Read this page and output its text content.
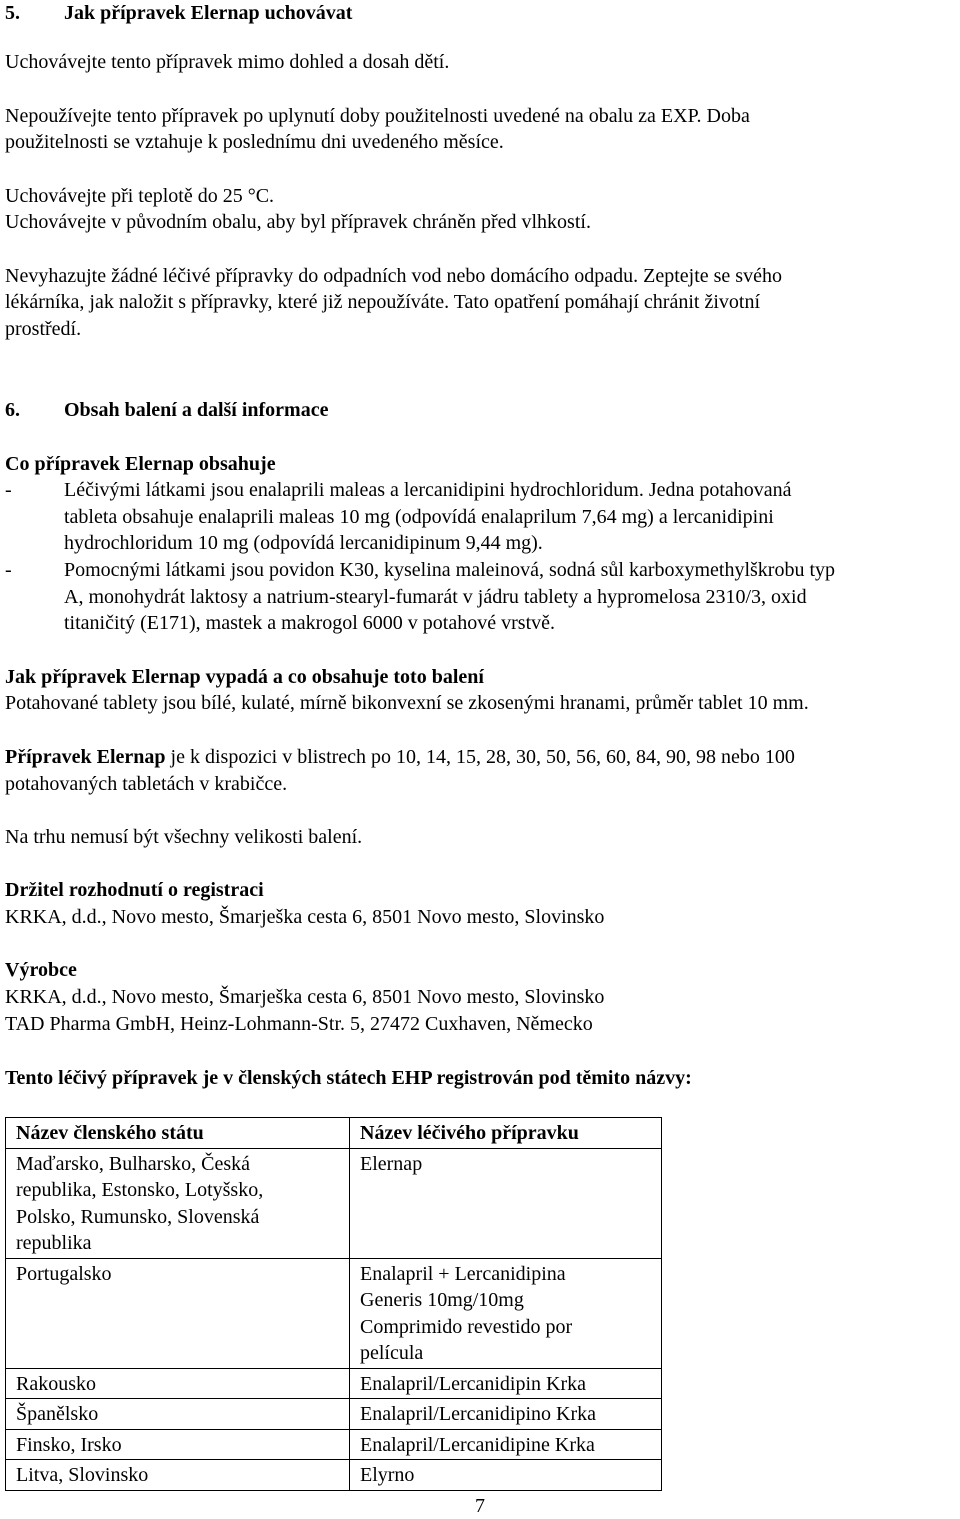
5. Jak přípravek Elernap uchovávat
Uchovávejte tento přípravek mimo dohled a dosah dětí.
Nepoužívejte tento přípravek po uplynutí doby použitelnosti uvedené na obalu za EXP. Doba
použitelnosti se vztahuje k poslednímu dni uvedeného měsíce.
Uchovávejte při teplotě do 25 °C.
Uchovávejte v původním obalu, aby byl přípravek chráněn před vlhkostí.
Nevyhazujte žádné léčivé přípravky do odpadních vod nebo domácího odpadu. Zeptejte se svého
lékárníka, jak naložit s přípravky, které již nepoužíváte. Tato opatření pomáhají chránit životní
prostředí.
6. Obsah balení a další informace
Co přípravek Elernap obsahuje
-	Léčivými látkami jsou enalaprili maleas a lercanidipini hydrochloridum. Jedna potahovaná
tableta obsahuje enalaprili maleas 10 mg (odpovídá enalaprilum 7,64 mg) a lercanidipini
hydrochloridum 10 mg (odpovídá lercanidipinum 9,44 mg).
-	Pomocnými látkami jsou povidon K30, kyselina maleinová, sodná sůl karboxymethylškrobu typ
A, monohydrát laktosy a natrium-stearyl-fumarát v jádru tablety a hypromelosa 2310/3, oxid
titaničitý (E171), mastek a makrogol 6000 v potahové vrstvě.
Jak přípravek Elernap vypadá a co obsahuje toto balení
Potahované tablety jsou bílé, kulaté, mírně bikonvexní se zkosenými hranami, průměr tablet 10 mm.
Přípravek Elernap je k dispozici v blistrech po 10, 14, 15, 28, 30, 50, 56, 60, 84, 90, 98 nebo 100
potahovaných tabletách v krabičce.
Na trhu nemusí být všechny velikosti balení.
Držitel rozhodnutí o registraci
KRKA, d.d., Novo mesto, Šmarješka cesta 6, 8501 Novo mesto, Slovinsko
Výrobce
KRKA, d.d., Novo mesto, Šmarješka cesta 6, 8501 Novo mesto, Slovinsko
TAD Pharma GmbH, Heinz-Lohmann-Str. 5, 27472 Cuxhaven, Německo
Tento léčivý přípravek je v členských státech EHP registrován pod těmito názvy:
Název členského státu	Název léčivého přípravku

Maďarsko, Bulharsko, Česká
republika, Estonsko, Lotyšsko,
Polsko, Rumunsko, Slovenská
republika	Elernap

Portugalsko	Enalapril + Lercanidipina
Generis 10mg/10mg
Comprimido revestido por
película

Rakousko	Enalapril/Lercanidipin Krka

Španělsko	Enalapril/Lercanidipino Krka

Finsko, Irsko	Enalapril/Lercanidipine Krka

Litva, Slovinsko	Elyrno
7
